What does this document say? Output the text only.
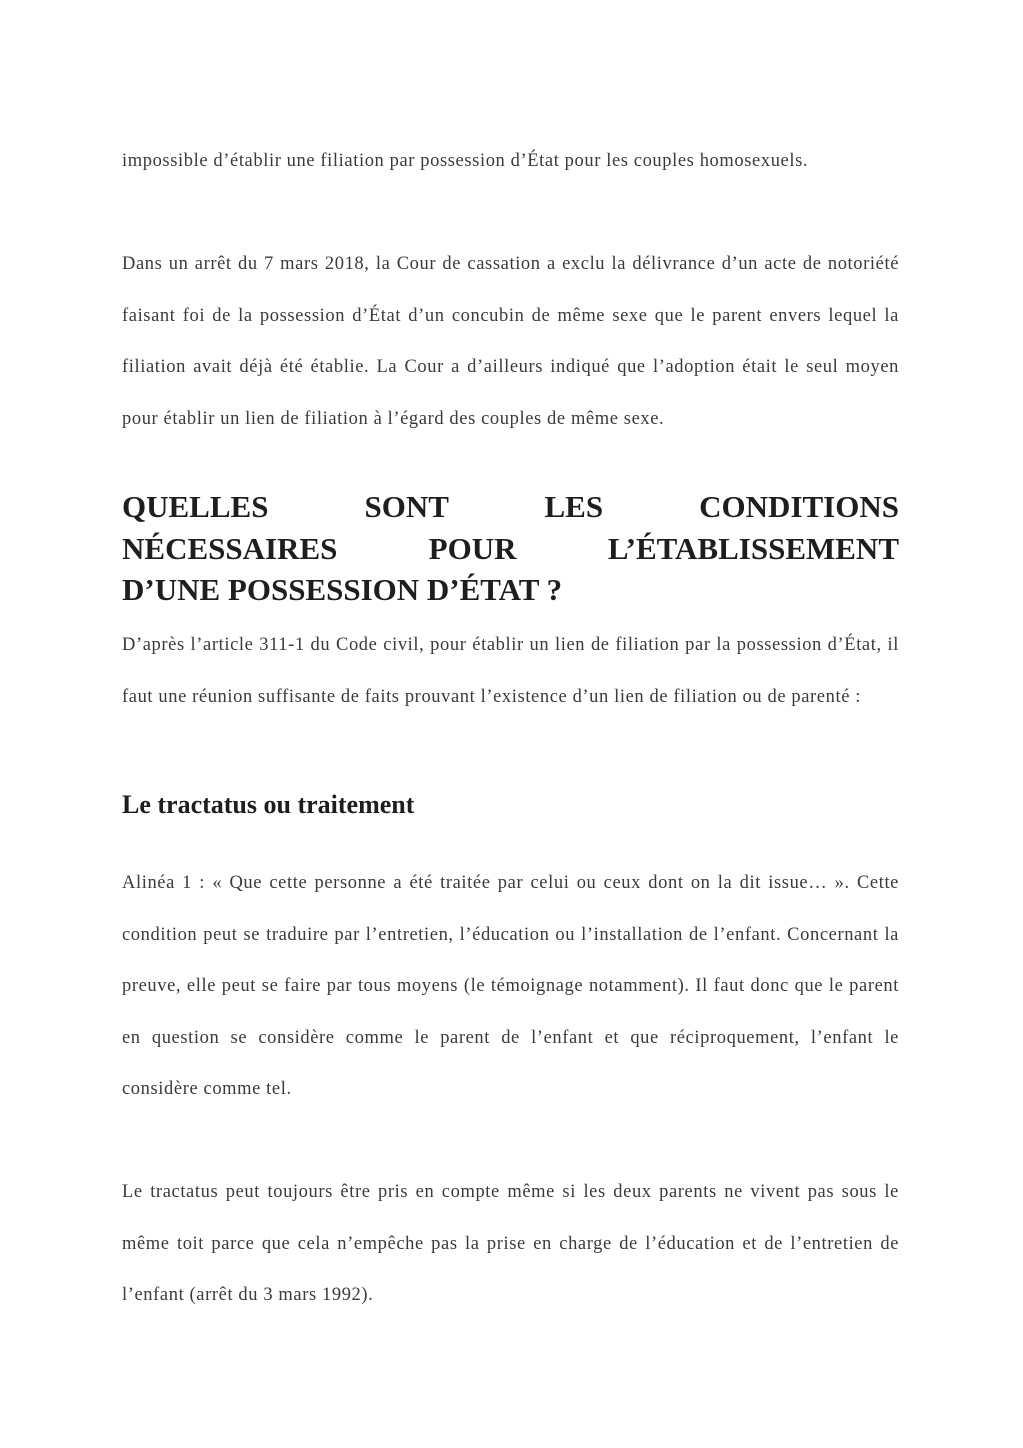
impossible d’établir une filiation par possession d’État pour les couples homosexuels.

Dans un arrêt du 7 mars 2018, la Cour de cassation a exclu la délivrance d’un acte de notoriété faisant foi de la possession d’État d’un concubin de même sexe que le parent envers lequel la filiation avait déjà été établie. La Cour a d’ailleurs indiqué que l’adoption était le seul moyen pour établir un lien de filiation à l’égard des couples de même sexe.

QUELLES SONT LES CONDITIONS
NÉCESSAIRES POUR L’ÉTABLISSEMENT
D’UNE POSSESSION D’ÉTAT ?

D’après l’article 311-1 du Code civil, pour établir un lien de filiation par la possession d’État, il faut une réunion suffisante de faits prouvant l’existence d’un lien de filiation ou de parenté :

Le tractatus ou traitement

Alinéa 1 : « Que cette personne a été traitée par celui ou ceux dont on la dit issue… ». Cette condition peut se traduire par l’entretien, l’éducation ou l’installation de l’enfant. Concernant la preuve, elle peut se faire par tous moyens (le témoignage notamment). Il faut donc que le parent en question se considère comme le parent de l’enfant et que réciproquement, l’enfant le considère comme tel.

Le tractatus peut toujours être pris en compte même si les deux parents ne vivent pas sous le même toit parce que cela n’empêche pas la prise en charge de l’éducation et de l’entretien de l’enfant (arrêt du 3 mars 1992).
